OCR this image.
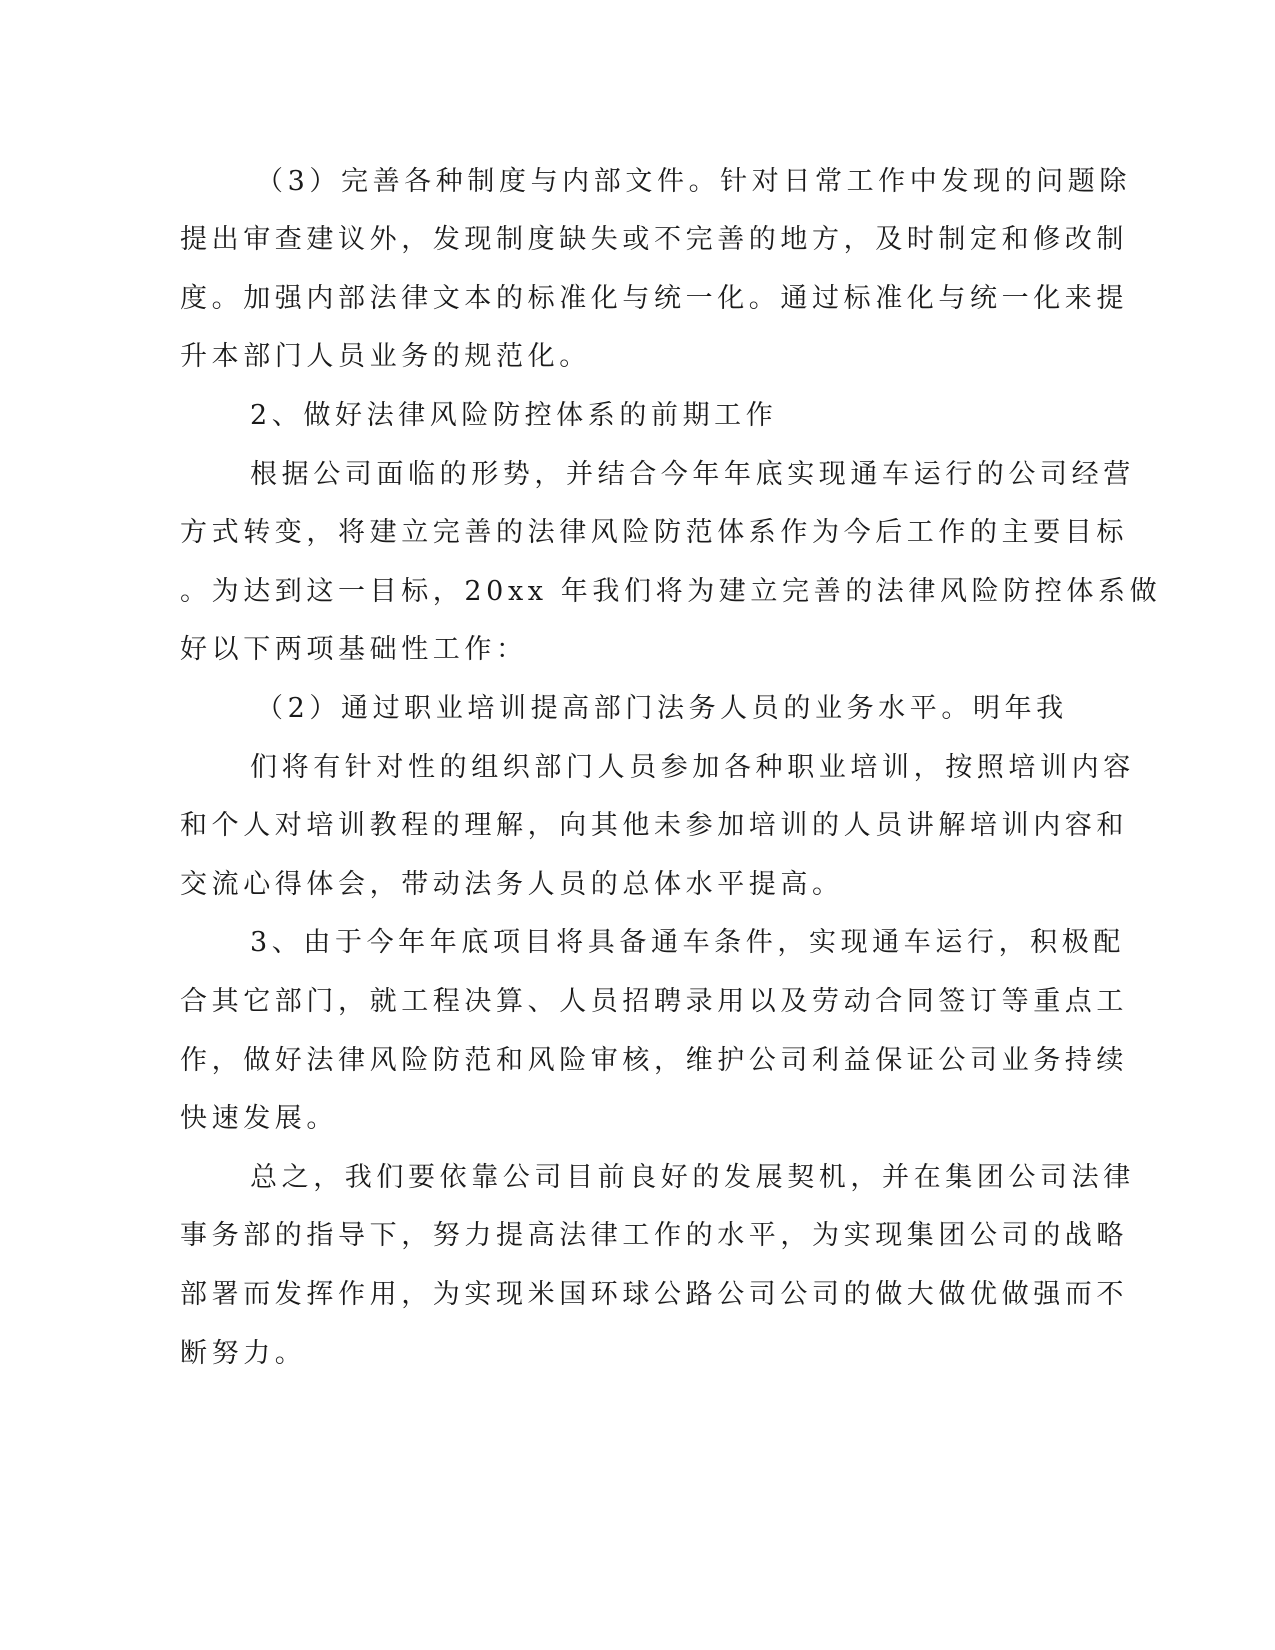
（3）完善各种制度与内部文件。针对日常工作中发现的问题除
提出审查建议外，发现制度缺失或不完善的地方，及时制定和修改制
度。加强内部法律文本的标准化与统一化。通过标准化与统一化来提
升本部门人员业务的规范化。
2、做好法律风险防控体系的前期工作
根据公司面临的形势，并结合今年年底实现通车运行的公司经营
方式转变，将建立完善的法律风险防范体系作为今后工作的主要目标
。为达到这一目标，20xx 年我们将为建立完善的法律风险防控体系做
好以下两项基础性工作：
（2）通过职业培训提高部门法务人员的业务水平。明年我
们将有针对性的组织部门人员参加各种职业培训，按照培训内容
和个人对培训教程的理解，向其他未参加培训的人员讲解培训内容和
交流心得体会，带动法务人员的总体水平提高。
3、由于今年年底项目将具备通车条件，实现通车运行，积极配
合其它部门，就工程决算、人员招聘录用以及劳动合同签订等重点工
作，做好法律风险防范和风险审核，维护公司利益保证公司业务持续
快速发展。
总之，我们要依靠公司目前良好的发展契机，并在集团公司法律
事务部的指导下，努力提高法律工作的水平，为实现集团公司的战略
部署而发挥作用，为实现米国环球公路公司公司的做大做优做强而不
断努力。
